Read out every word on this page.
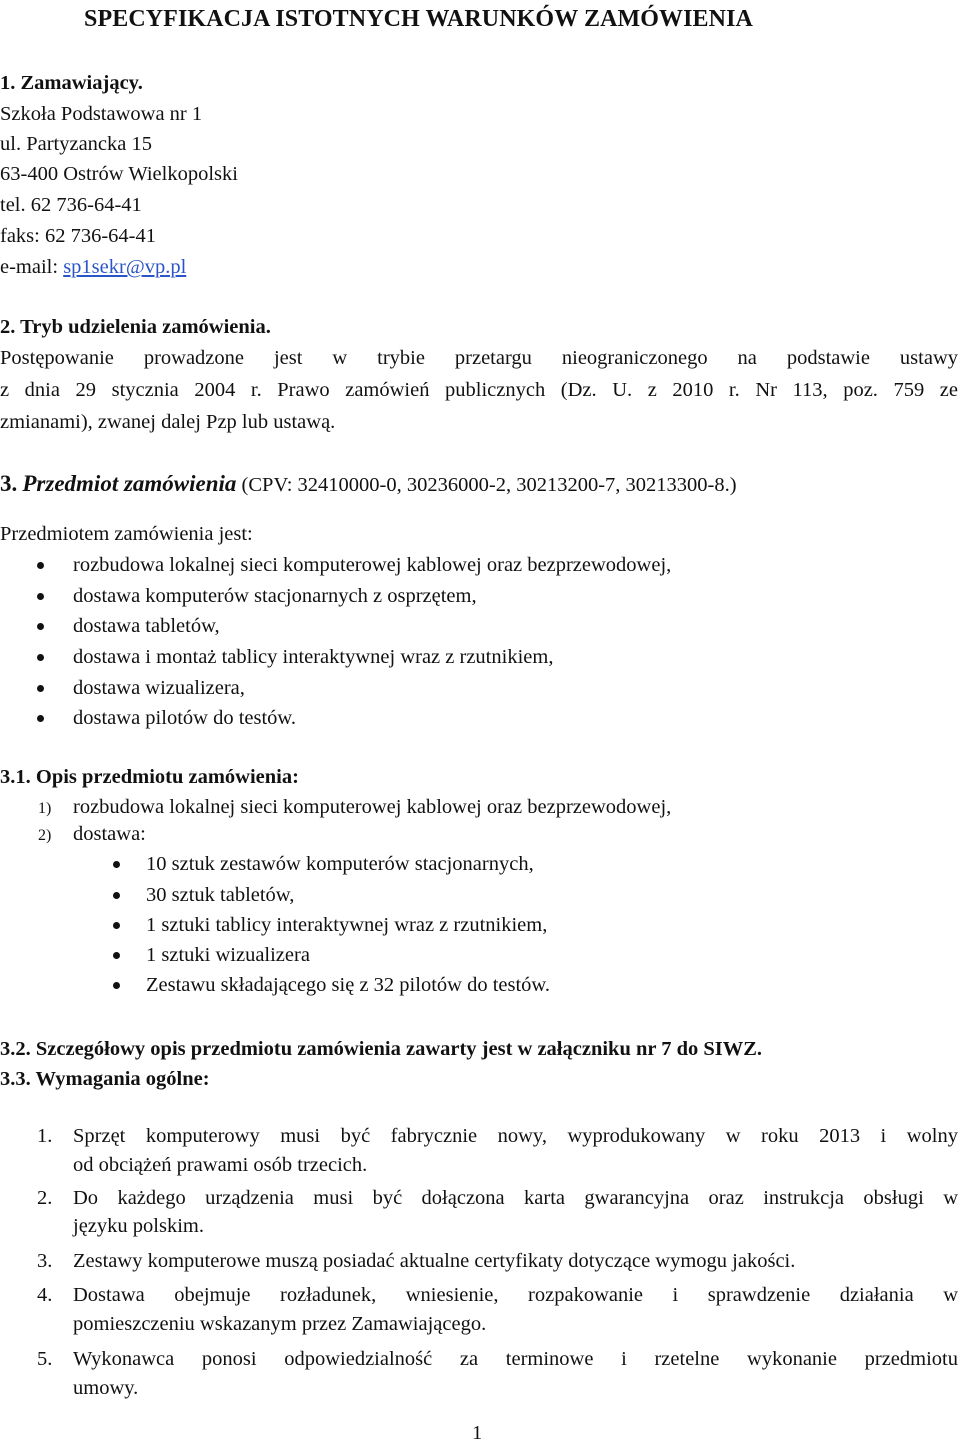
SPECYFIKACJA ISTOTNYCH WARUNKÓW ZAMÓWIENIA
1. Zamawiający.
Szkoła Podstawowa nr 1
ul. Partyzancka 15
63-400 Ostrów Wielkopolski
tel. 62 736-64-41
faks: 62 736-64-41
e-mail: sp1sekr@vp.pl
2. Tryb udzielenia zamówienia.
Postępowanie prowadzone jest w trybie przetargu nieograniczonego na podstawie ustawy
z dnia 29 stycznia 2004 r. Prawo zamówień publicznych (Dz. U. z 2010 r. Nr 113, poz. 759 ze
zmianami), zwanej dalej Pzp lub ustawą.
3. Przedmiot zamówienia (CPV: 32410000-0, 30236000-2, 30213200-7, 30213300-8.)
Przedmiotem zamówienia jest:
rozbudowa lokalnej sieci komputerowej kablowej oraz bezprzewodowej,
dostawa komputerów stacjonarnych z osprzętem,
dostawa tabletów,
dostawa i montaż tablicy interaktywnej wraz z rzutnikiem,
dostawa wizualizera,
dostawa pilotów do testów.
3.1. Opis przedmiotu zamówienia:
1) rozbudowa lokalnej sieci komputerowej kablowej oraz bezprzewodowej,
2) dostawa:
10 sztuk zestawów komputerów stacjonarnych,
30 sztuk tabletów,
1 sztuki tablicy interaktywnej wraz z rzutnikiem,
1 sztuki wizualizera
Zestawu składającego się z 32 pilotów do testów.
3.2. Szczegółowy opis przedmiotu zamówienia zawarty jest w załączniku nr 7 do SIWZ.
3.3. Wymagania ogólne:
1. Sprzęt komputerowy musi być fabrycznie nowy, wyprodukowany w roku 2013 i wolny
od obciążeń prawami osób trzecich.
2. Do każdego urządzenia musi być dołączona karta gwarancyjna oraz instrukcja obsługi w
języku polskim.
3. Zestawy komputerowe muszą posiadać aktualne certyfikaty dotyczące wymogu jakości.
4. Dostawa obejmuje rozładunek, wniesienie, rozpakowanie i sprawdzenie działania w
pomieszczeniu wskazanym przez Zamawiającego.
5. Wykonawca ponosi odpowiedzialność za terminowe i rzetelne wykonanie przedmiotu
umowy.
1
